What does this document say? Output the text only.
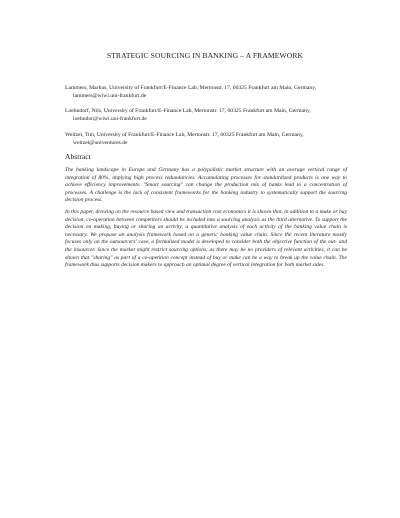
STRATEGIC SOURCING IN BANKING – A FRAMEWORK

Lammers, Markus, University of Frankfurt/E-Finance Lab, Mertonstr. 17, 60325 Frankfurt am Main, Germany, lammers@wiwi.uni-frankfurt.de

Loehndorf, Nils, University of Frankfurt/E-Finance Lab, Mertonstr. 17, 60325 Frankfurt am Main, Germany, loehndor@wiwi.uni-frankfurt.de

Weitzel, Tim, University of Frankfurt/E-Finance Lab, Mertonstr. 17, 60325 Frankfurt am Main, Germany, weitzel@univentures.de

Abstract

The banking landscape in Europe and Germany has a polypolistic market structure with an average vertical range of integration of 80%, implying high process redundancies. Accumulating processes for standardized products is one way to achieve efficiency improvements. "Smart sourcing" can change the production mix of banks lead to a concentration of processes. A challenge is the lack of consistent frameworks for the banking industry to systematically support the sourcing decision process.

In this paper, drawing on the resource based view and transaction cost economics it is shown that, in addition to a make or buy decision, co-operation between competitors should be included into a sourcing analysis as the third alternative. To support the decision on making, buying or sharing an activity, a quantitative analysis of each activity of the banking value chain is necessary. We propose an analysis framework based on a generic banking value chain. Since the recent literature mostly focuses only on the outsourcers' case, a formalized model is developed to consider both the objective function of the out- and the insourcer. Since the market might restrict sourcing options, as there may be no providers of relevant activities, it can be shown that "sharing" as part of a co-opetition concept instead of buy or make can be a way to break up the value chain. The framework thus supports decision makers to approach an optimal degree of vertical integration for both market sides.
